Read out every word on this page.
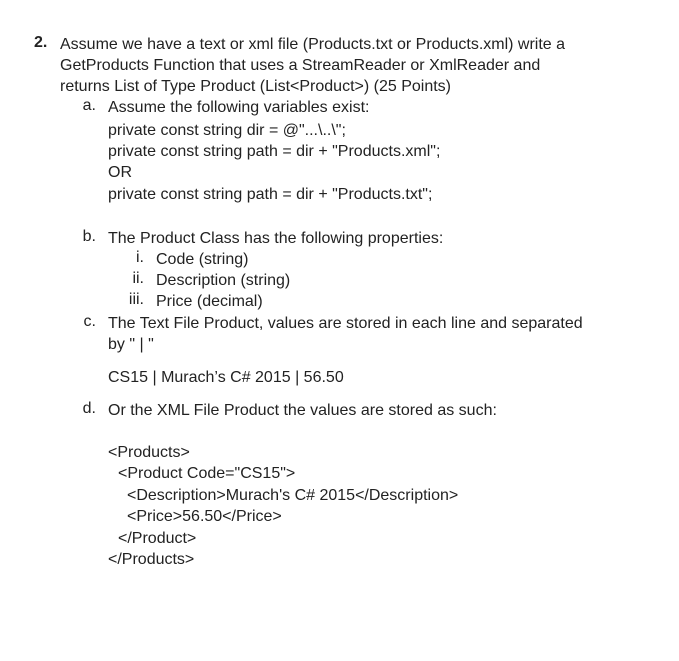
2. Assume we have a text or xml file (Products.txt or Products.xml) write a
GetProducts Function that uses a StreamReader or XmlReader and
returns List of Type Product (List<Product>) (25 Points)
a. Assume the following variables exist:
private const string dir = @"...\..\";
private const string path = dir + "Products.xml";
OR
private const string path = dir + "Products.txt";
b. The Product Class has the following properties:
i. Code (string)
ii. Description (string)
iii. Price (decimal)
c. The Text File Product, values are stored in each line and separated
by " | "
CS15 | Murach’s C# 2015 | 56.50
d. Or the XML File Product the values are stored as such:
<Products>
<Product Code="CS15">
<Description>Murach's C# 2015</Description>
<Price>56.50</Price>
</Product>
</Products>
